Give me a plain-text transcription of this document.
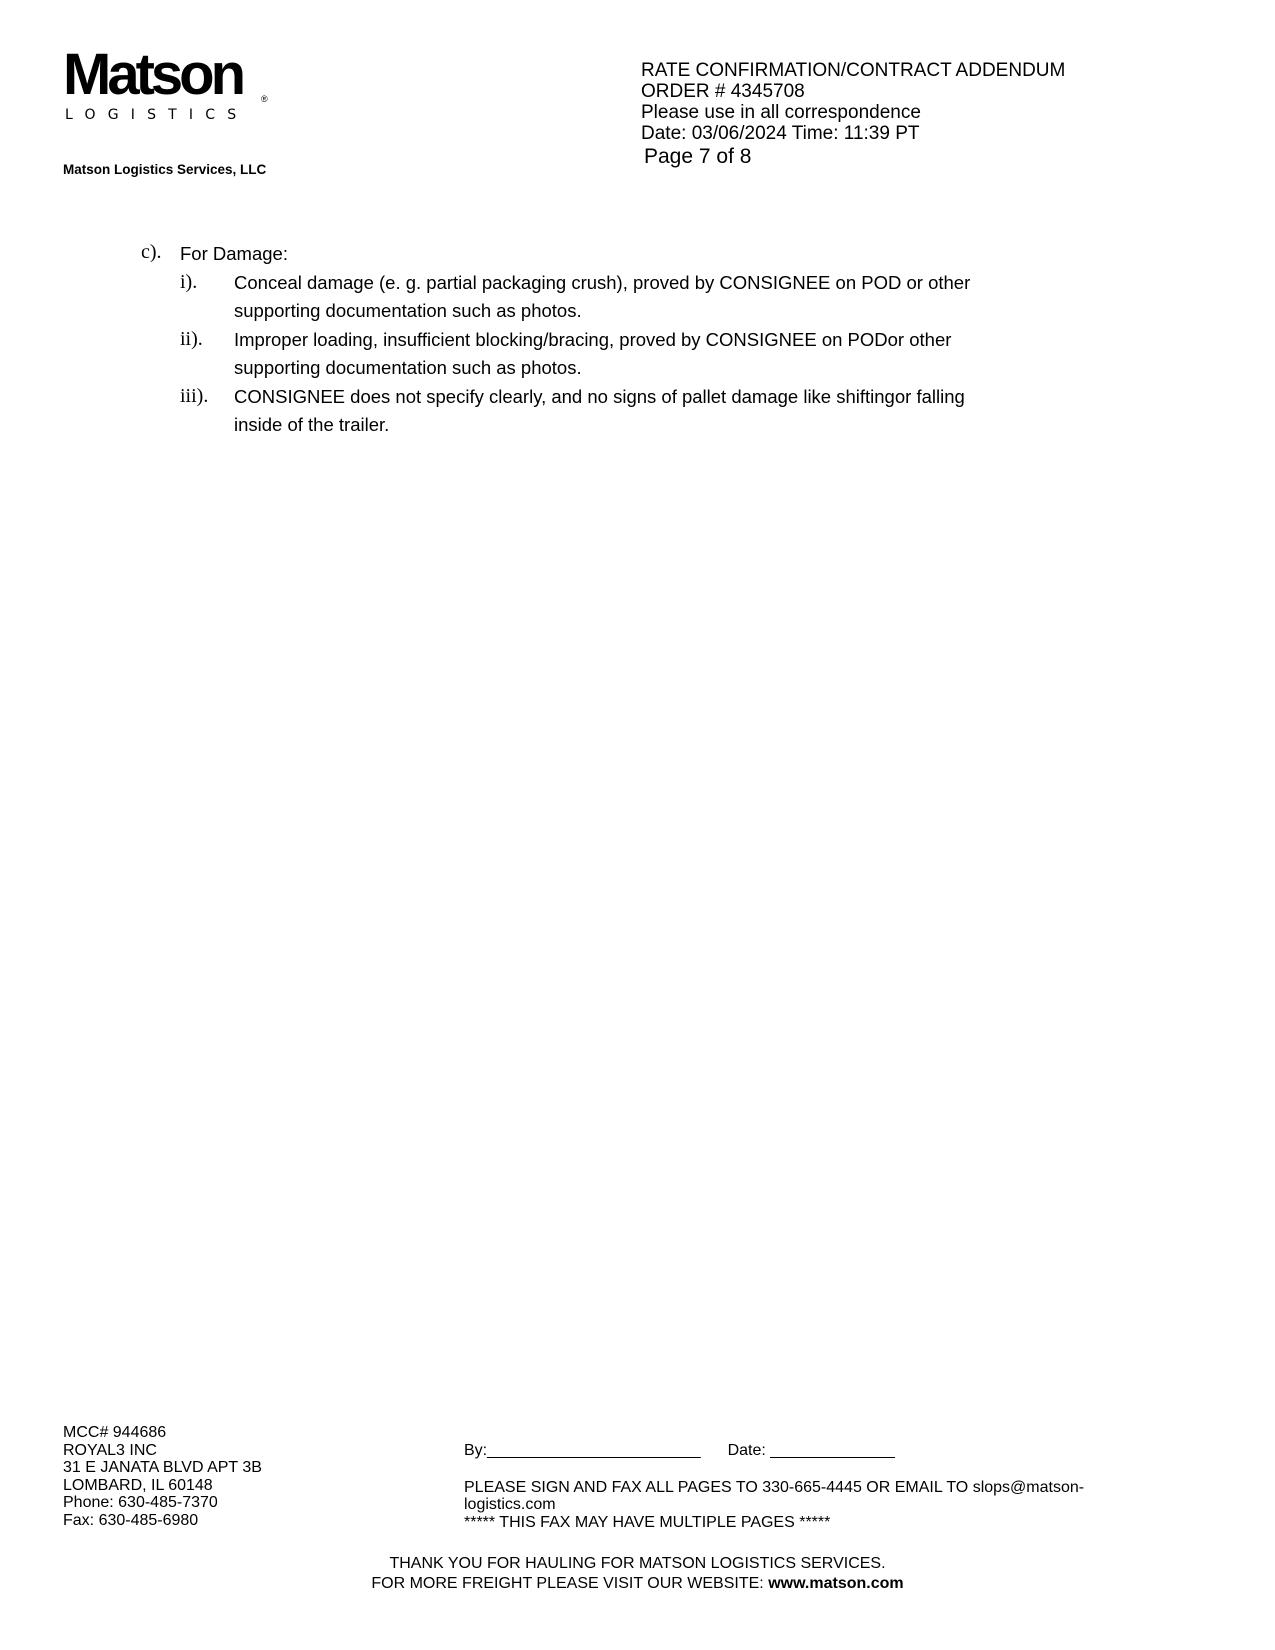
Matson ®
LOGISTICS
Matson Logistics Services, LLC
RATE CONFIRMATION/CONTRACT ADDENDUM
ORDER # 4345708
Please use in all correspondence
Date: 03/06/2024 Time: 11:39 PT
Page 7 of 8
c). For Damage:
i). Conceal damage (e. g. partial packaging crush), proved by CONSIGNEE on POD or other
supporting documentation such as photos.
ii). Improper loading, insufficient blocking/bracing, proved by CONSIGNEE on PODor other
supporting documentation such as photos.
iii). CONSIGNEE does not specify clearly, and no signs of pallet damage like shiftingor falling
inside of the trailer.
MCC# 944686
ROYAL3 INC
31 E JANATA BLVD APT 3B
LOMBARD, IL 60148
Phone: 630-485-7370
Fax: 630-485-6980
By:________________________ Date: ______________
PLEASE SIGN AND FAX ALL PAGES TO 330-665-4445 OR EMAIL TO slops@matson-
logistics.com
***** THIS FAX MAY HAVE MULTIPLE PAGES *****
THANK YOU FOR HAULING FOR MATSON LOGISTICS SERVICES.
FOR MORE FREIGHT PLEASE VISIT OUR WEBSITE: www.matson.com
